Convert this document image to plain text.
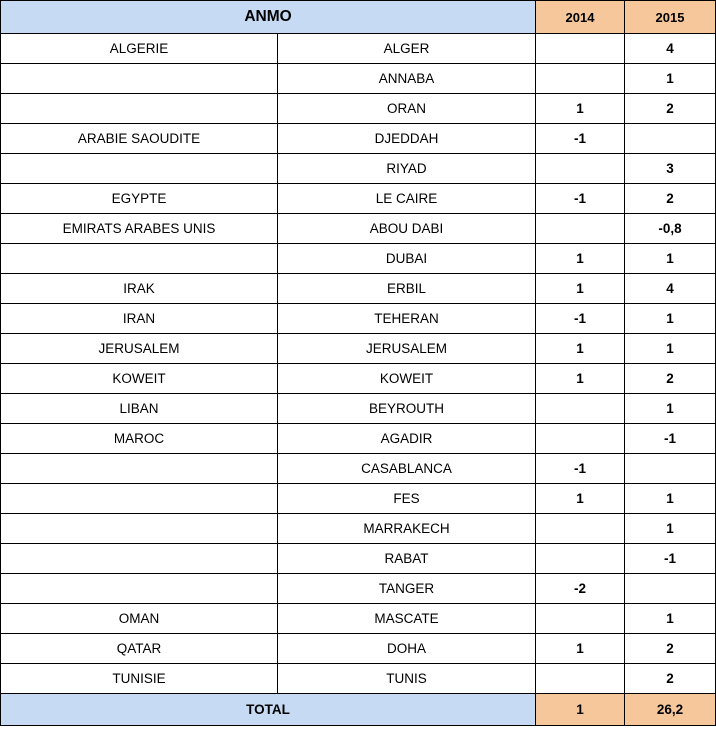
ANMO		2014	2015
ALGERIE	ALGER		4
	ANNABA		1
	ORAN	1	2
ARABIE SAOUDITE	DJEDDAH	-1	
	RIYAD		3
EGYPTE	LE CAIRE	-1	2
EMIRATS ARABES UNIS	ABOU DABI		-0,8
	DUBAI	1	1
IRAK	ERBIL	1	4
IRAN	TEHERAN	-1	1
JERUSALEM	JERUSALEM	1	1
KOWEIT	KOWEIT	1	2
LIBAN	BEYROUTH		1
MAROC	AGADIR		-1
	CASABLANCA	-1	
	FES	1	1
	MARRAKECH		1
	RABAT		-1
	TANGER	-2	
OMAN	MASCATE		1
QATAR	DOHA	1	2
TUNISIE	TUNIS		2
TOTAL		1	26,2
